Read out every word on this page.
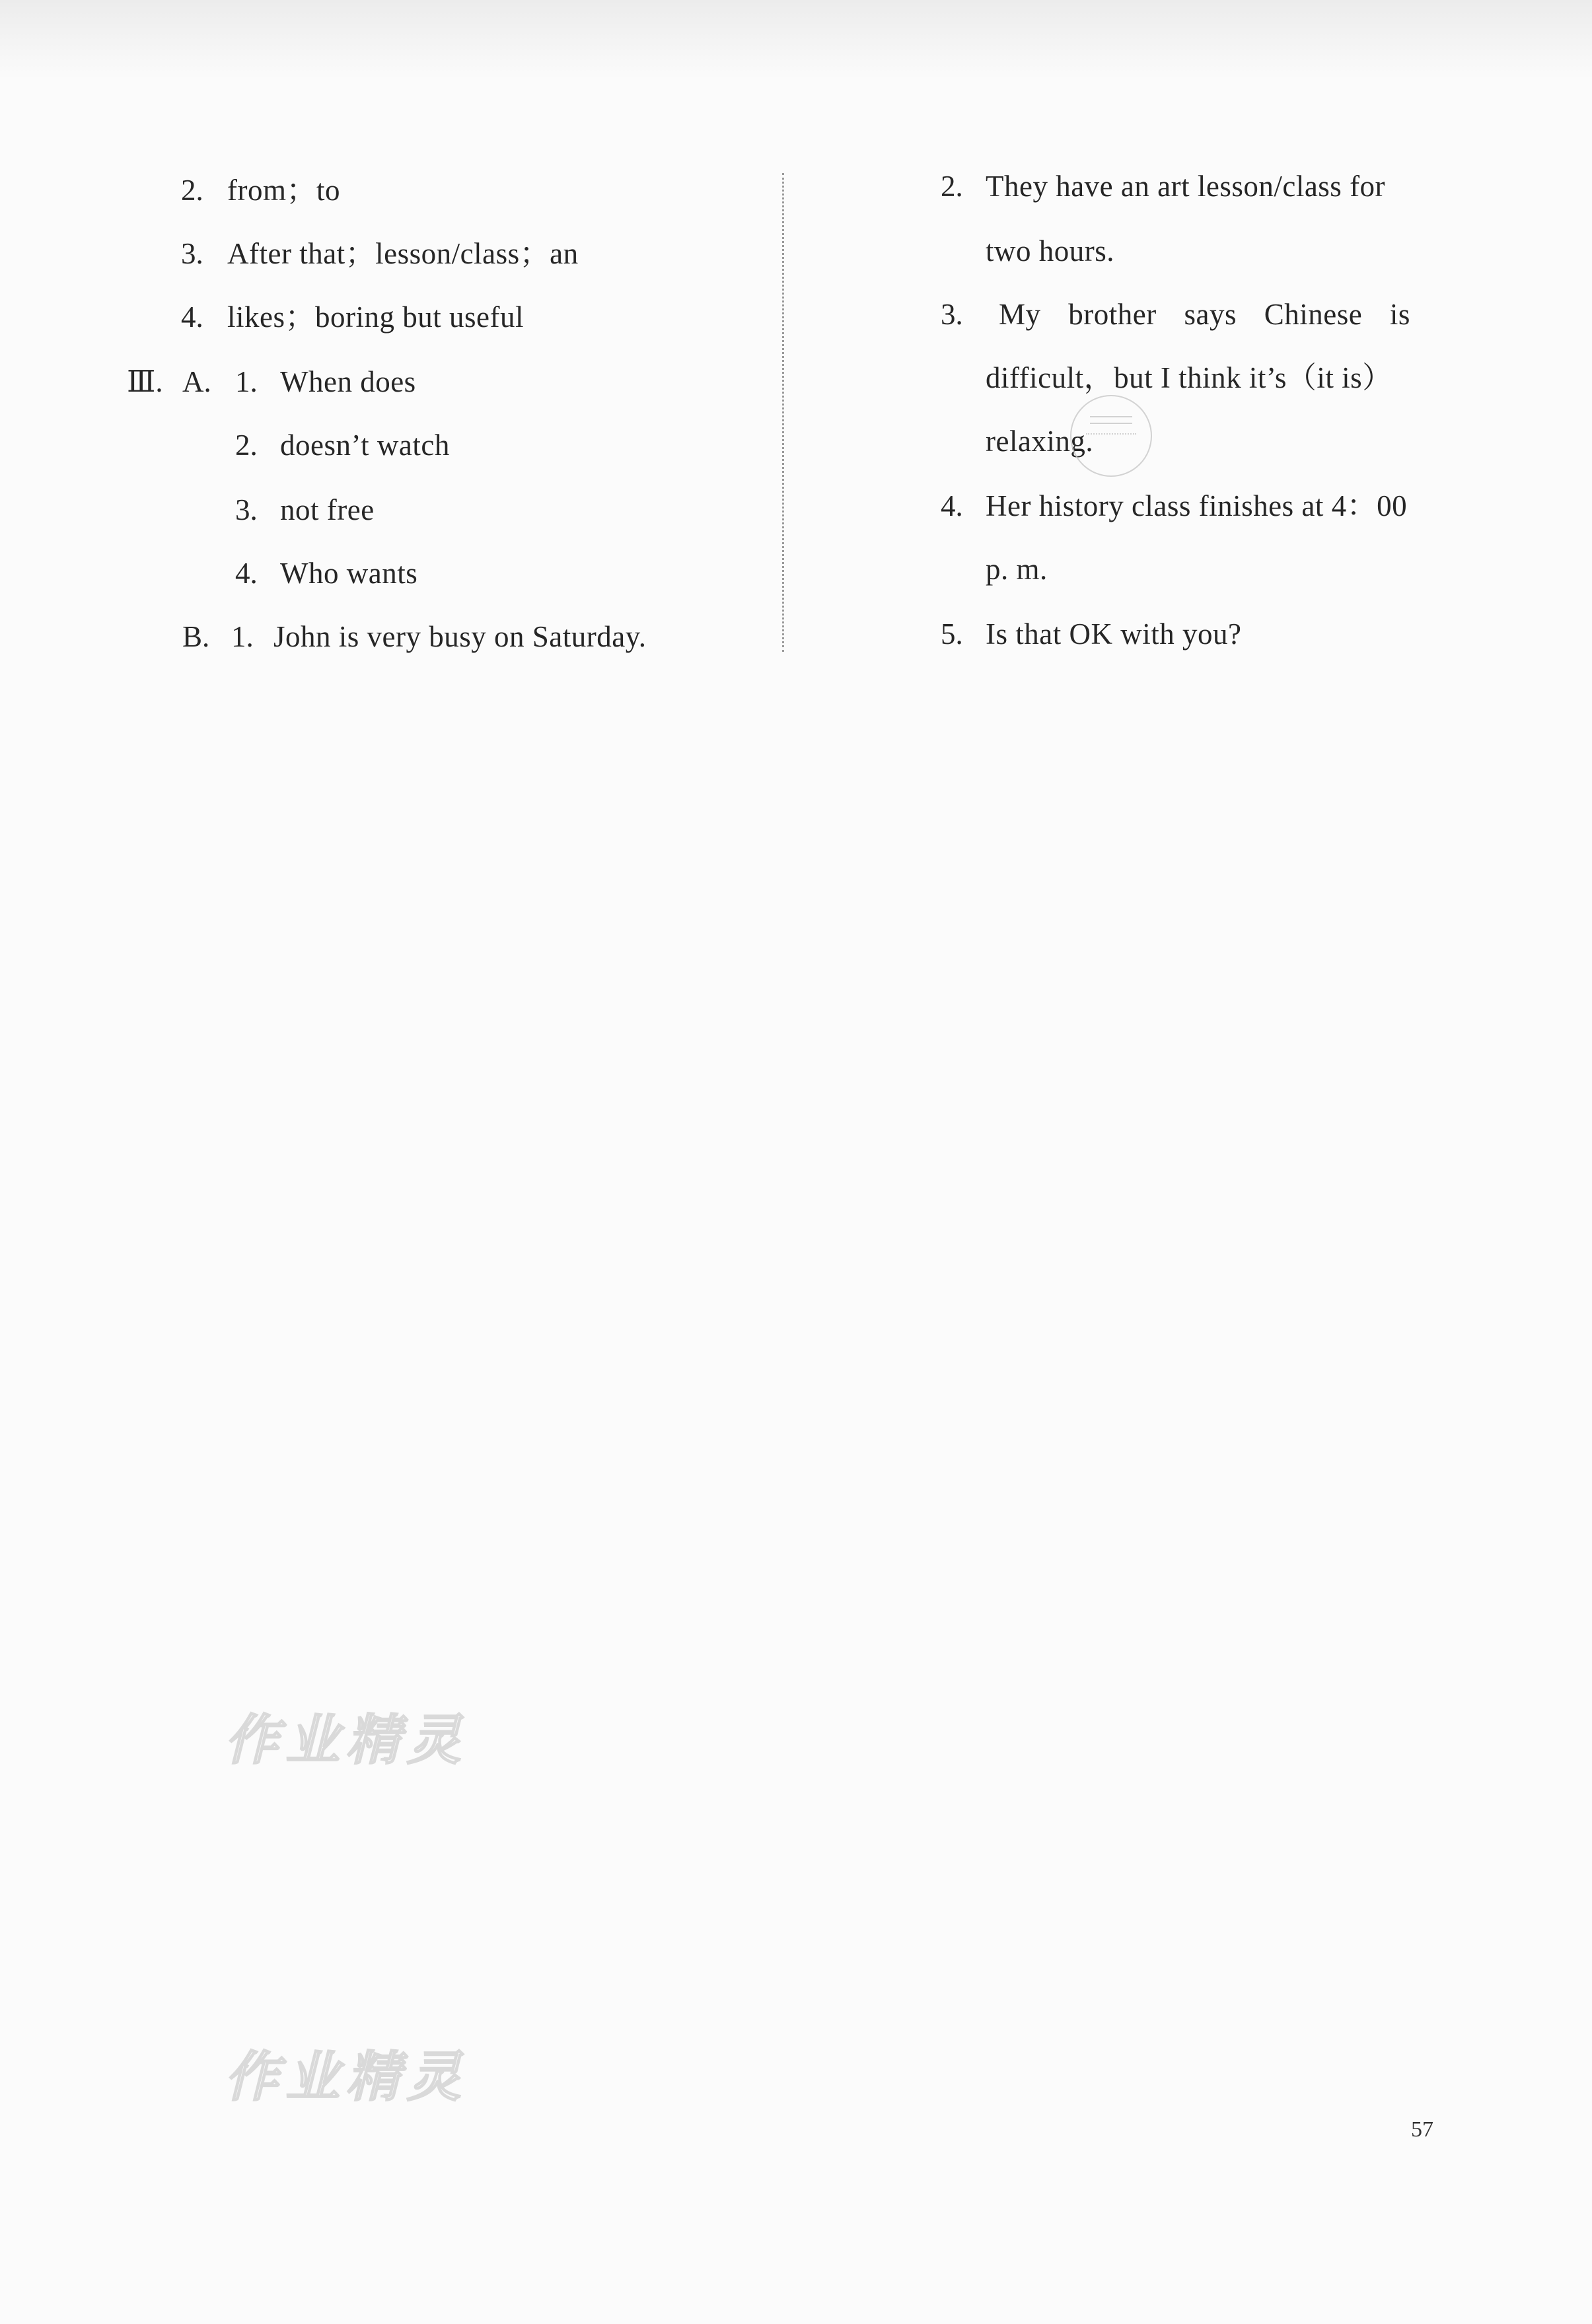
2. from；to
3. After that；lesson/class；an
4. likes；boring but useful
Ⅲ. A. 1. When does
2. doesn’t watch
3. not free
4. Who wants
B. 1. John is very busy on Saturday.
2. They have an art lesson/class for
two hours.
3. My brother says Chinese is
difficult，but I think it’s（it is）
relaxing.
4. Her history class finishes at 4：00
p. m.
5. Is that OK with you?
作业精灵
作业精灵
57
